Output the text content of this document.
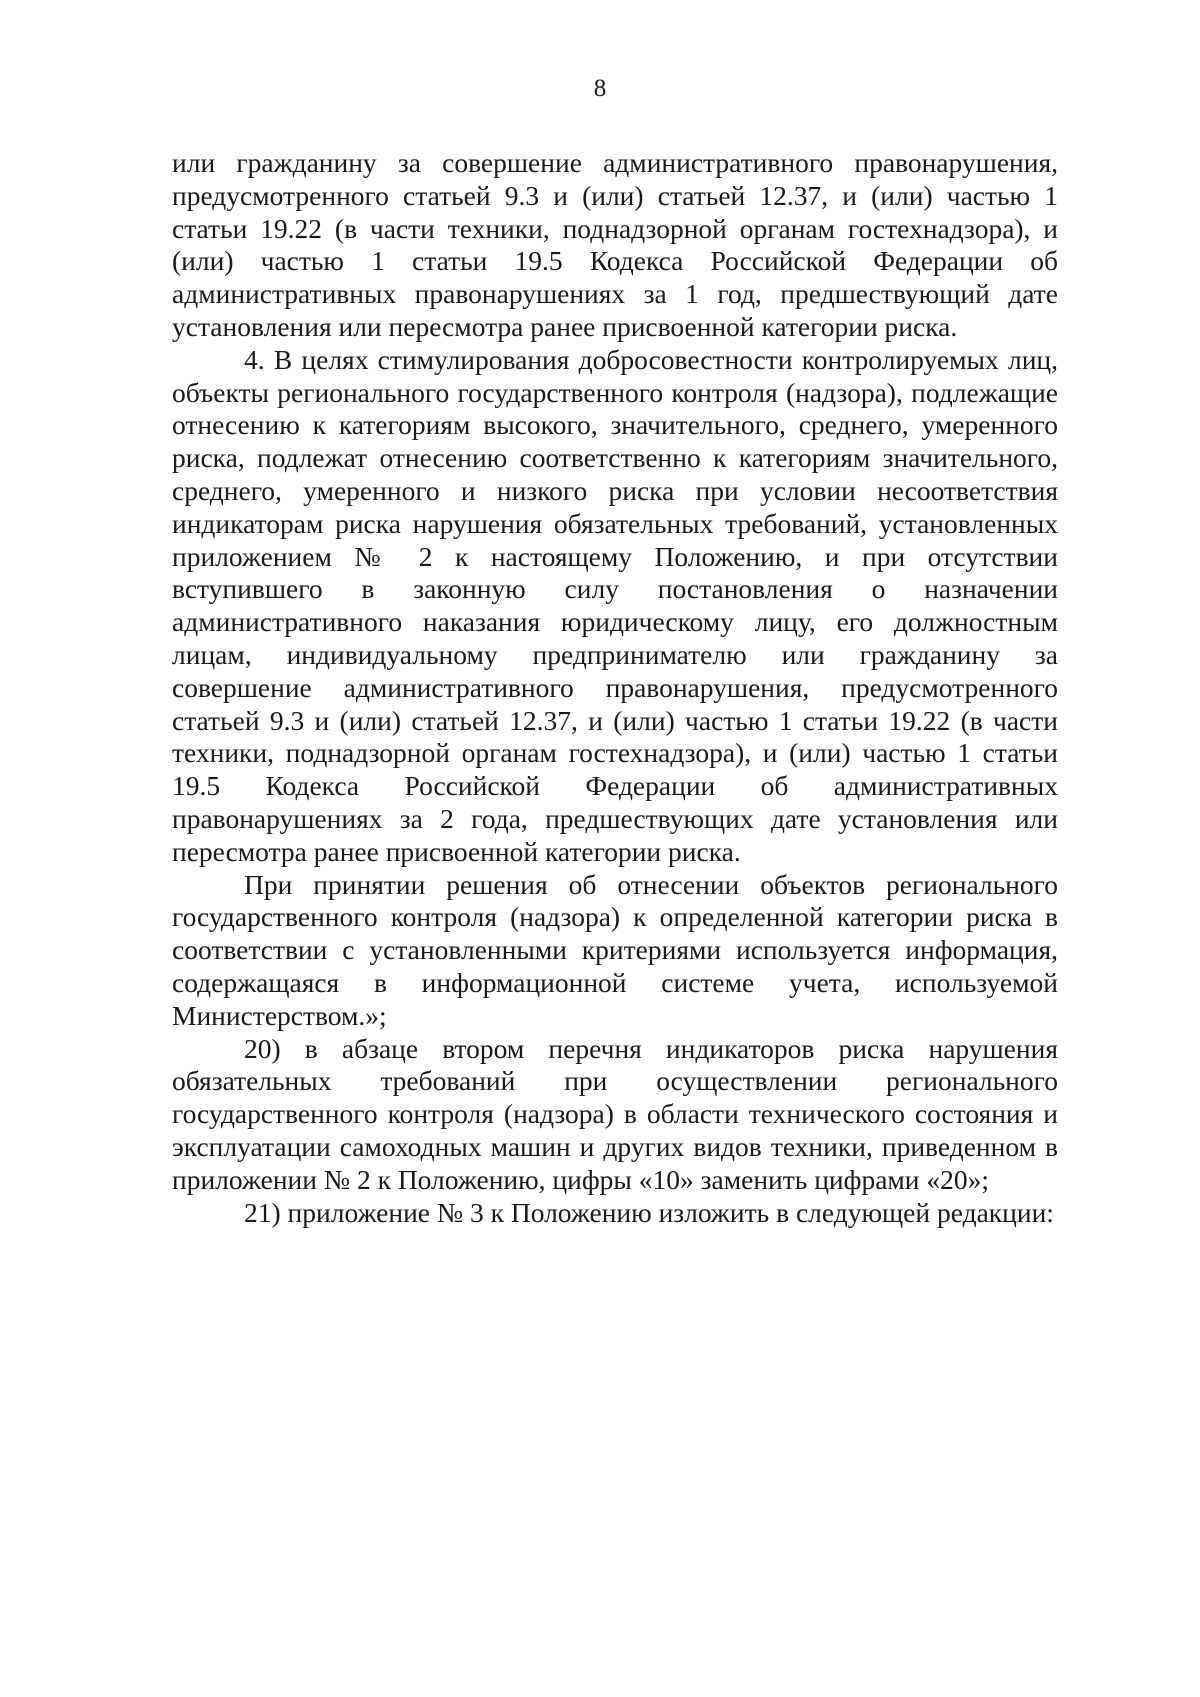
8

или гражданину за совершение административного правонарушения, предусмотренного статьей 9.3 и (или) статьей 12.37, и (или) частью 1 статьи 19.22 (в части техники, поднадзорной органам гостехнадзора), и (или) частью 1 статьи 19.5 Кодекса Российской Федерации об административных правонарушениях за 1 год, предшествующий дате установления или пересмотра ранее присвоенной категории риска.

4. В целях стимулирования добросовестности контролируемых лиц, объекты регионального государственного контроля (надзора), подлежащие отнесению к категориям высокого, значительного, среднего, умеренного риска, подлежат отнесению соответственно к категориям значительного, среднего, умеренного и низкого риска при условии несоответствия индикаторам риска нарушения обязательных требований, установленных приложением № 2 к настоящему Положению, и при отсутствии вступившего в законную силу постановления о назначении административного наказания юридическому лицу, его должностным лицам, индивидуальному предпринимателю или гражданину за совершение административного правонарушения, предусмотренного статьей 9.3 и (или) статьей 12.37, и (или) частью 1 статьи 19.22 (в части техники, поднадзорной органам гостехнадзора), и (или) частью 1 статьи 19.5 Кодекса Российской Федерации об административных правонарушениях за 2 года, предшествующих дате установления или пересмотра ранее присвоенной категории риска.

При принятии решения об отнесении объектов регионального государственного контроля (надзора) к определенной категории риска в соответствии с установленными критериями используется информация, содержащаяся в информационной системе учета, используемой Министерством.»;

20) в абзаце втором перечня индикаторов риска нарушения обязательных требований при осуществлении регионального государственного контроля (надзора) в области технического состояния и эксплуатации самоходных машин и других видов техники, приведенном в приложении № 2 к Положению, цифры «10» заменить цифрами «20»;

21) приложение № 3 к Положению изложить в следующей редакции:
